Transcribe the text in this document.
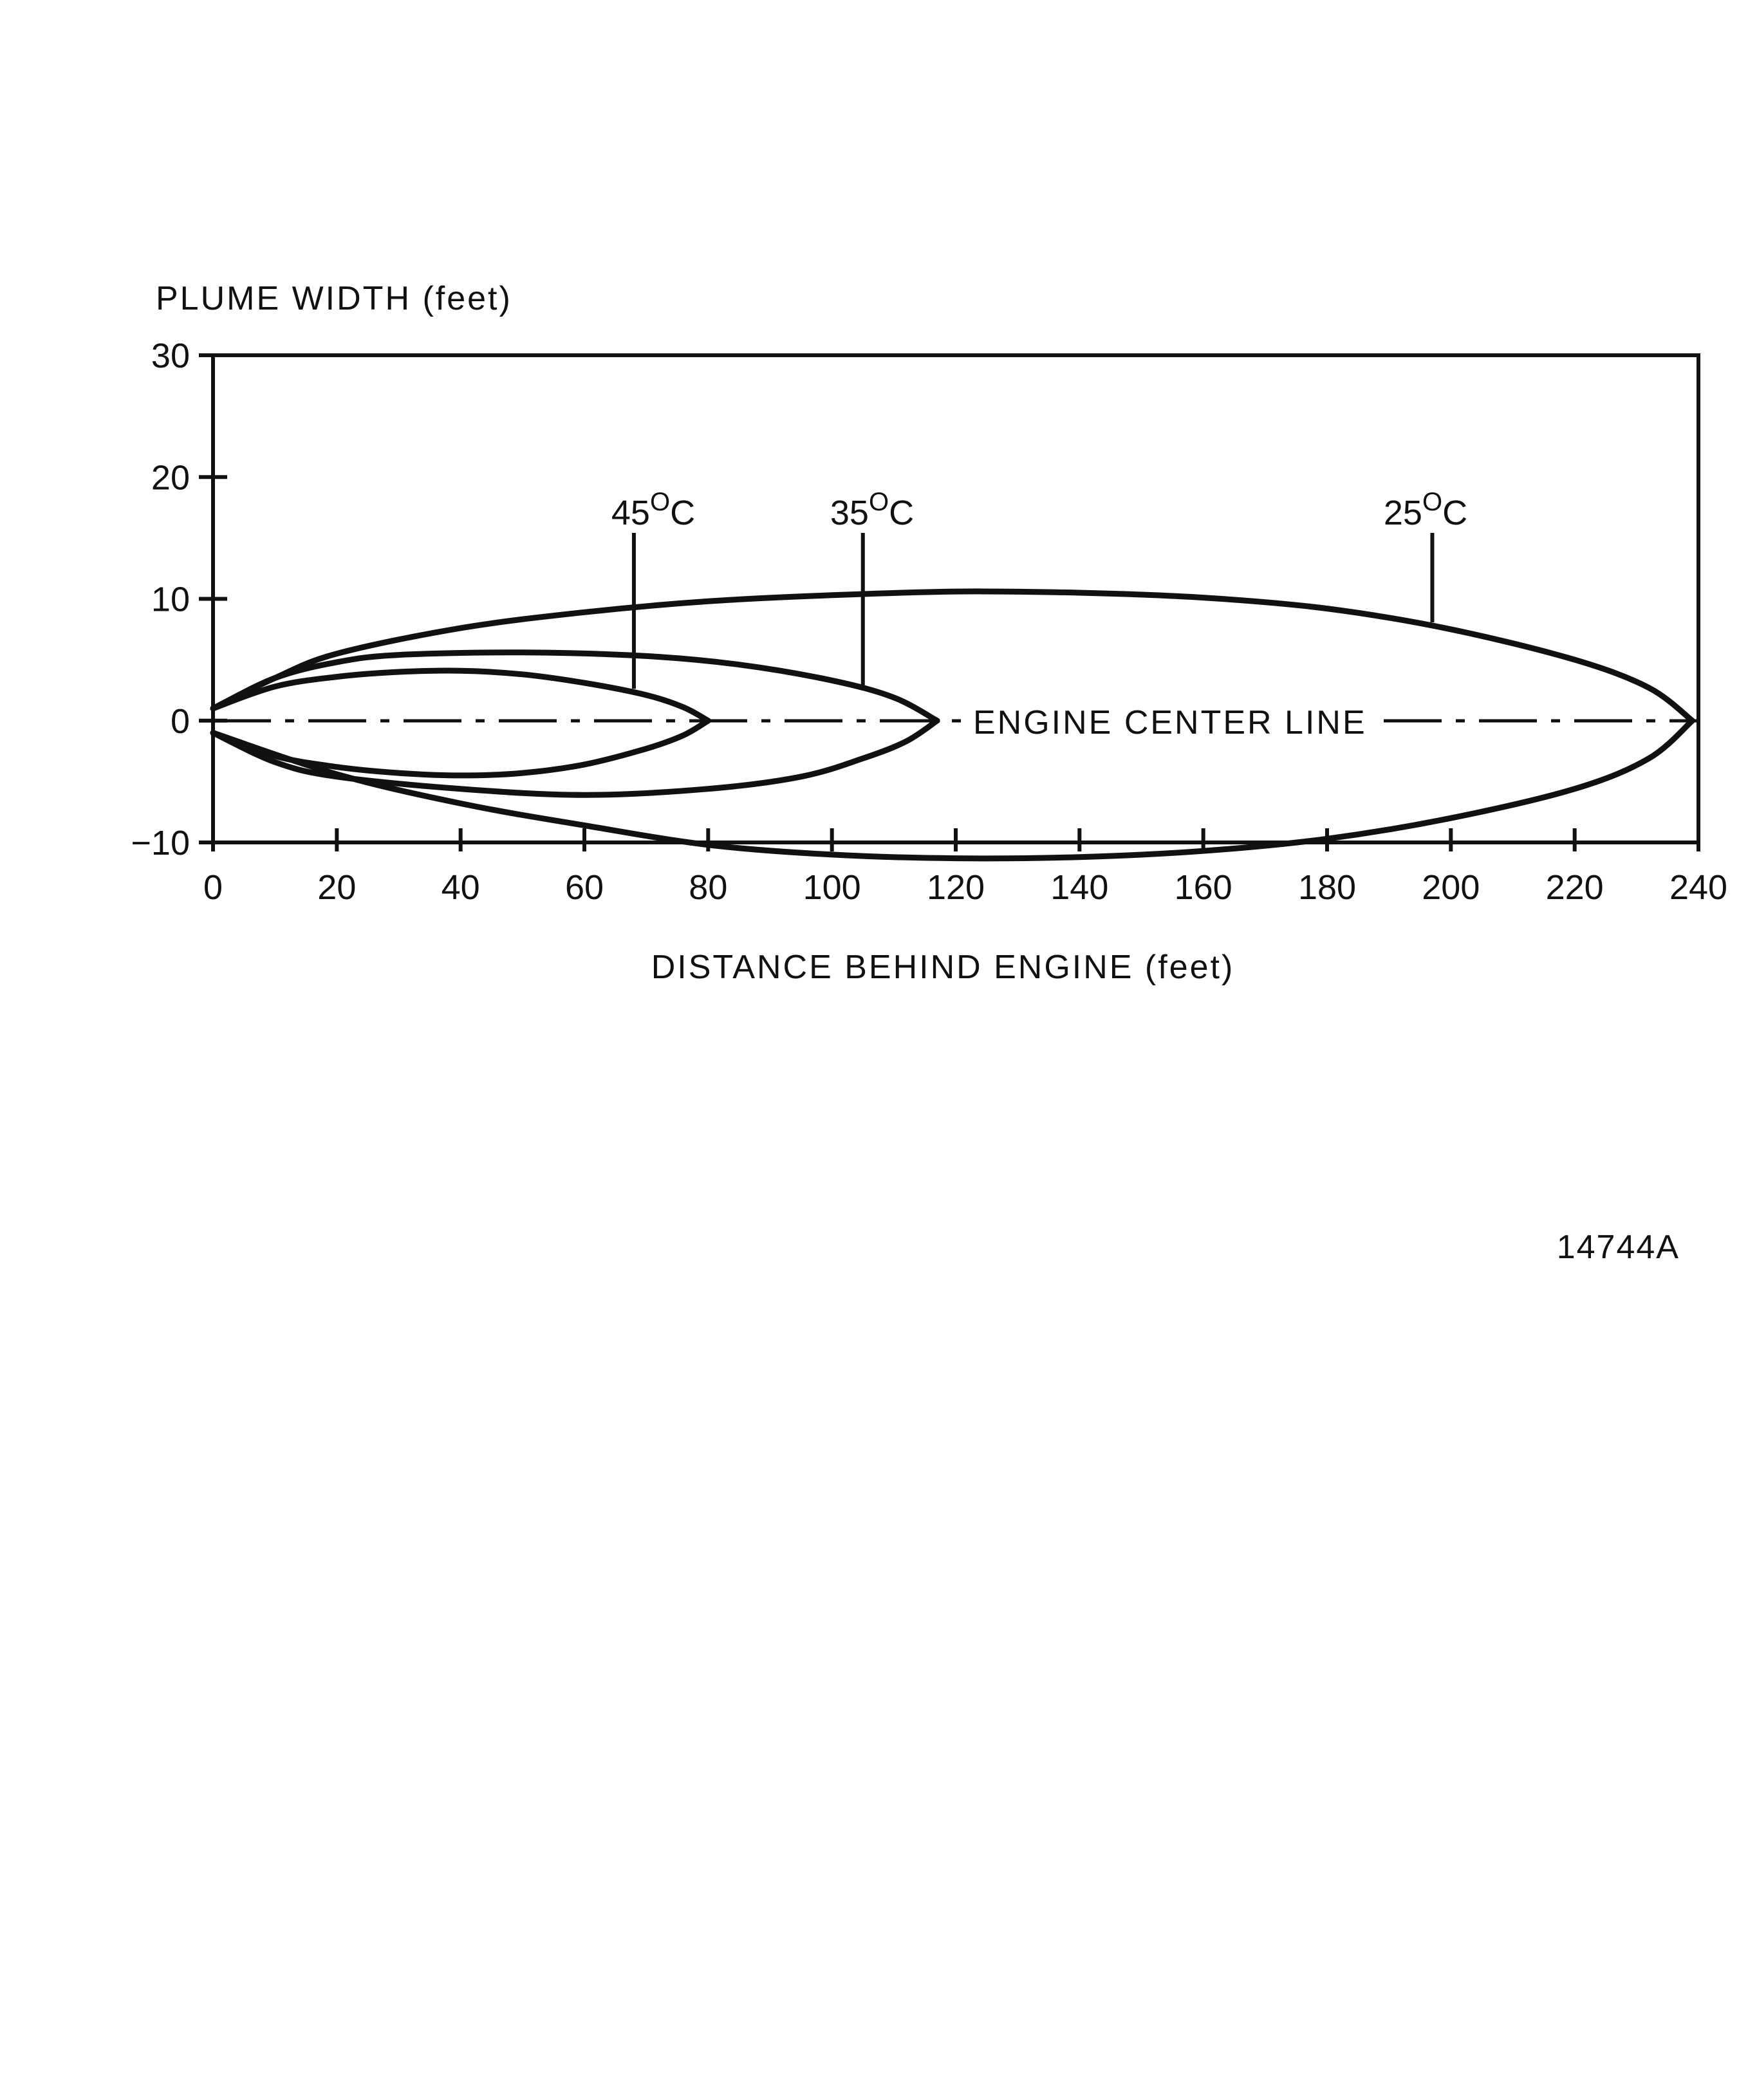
PLUME WIDTH (feet)
ENGINE CENTER LINE
30
20
10
0
−10
0	20 40 60 80 100 120 140 160 180 200 220 240
$45^OC$	$35^OC$	$25^OC$
DISTANCE BEHIND ENGINE (feet)
14744A
